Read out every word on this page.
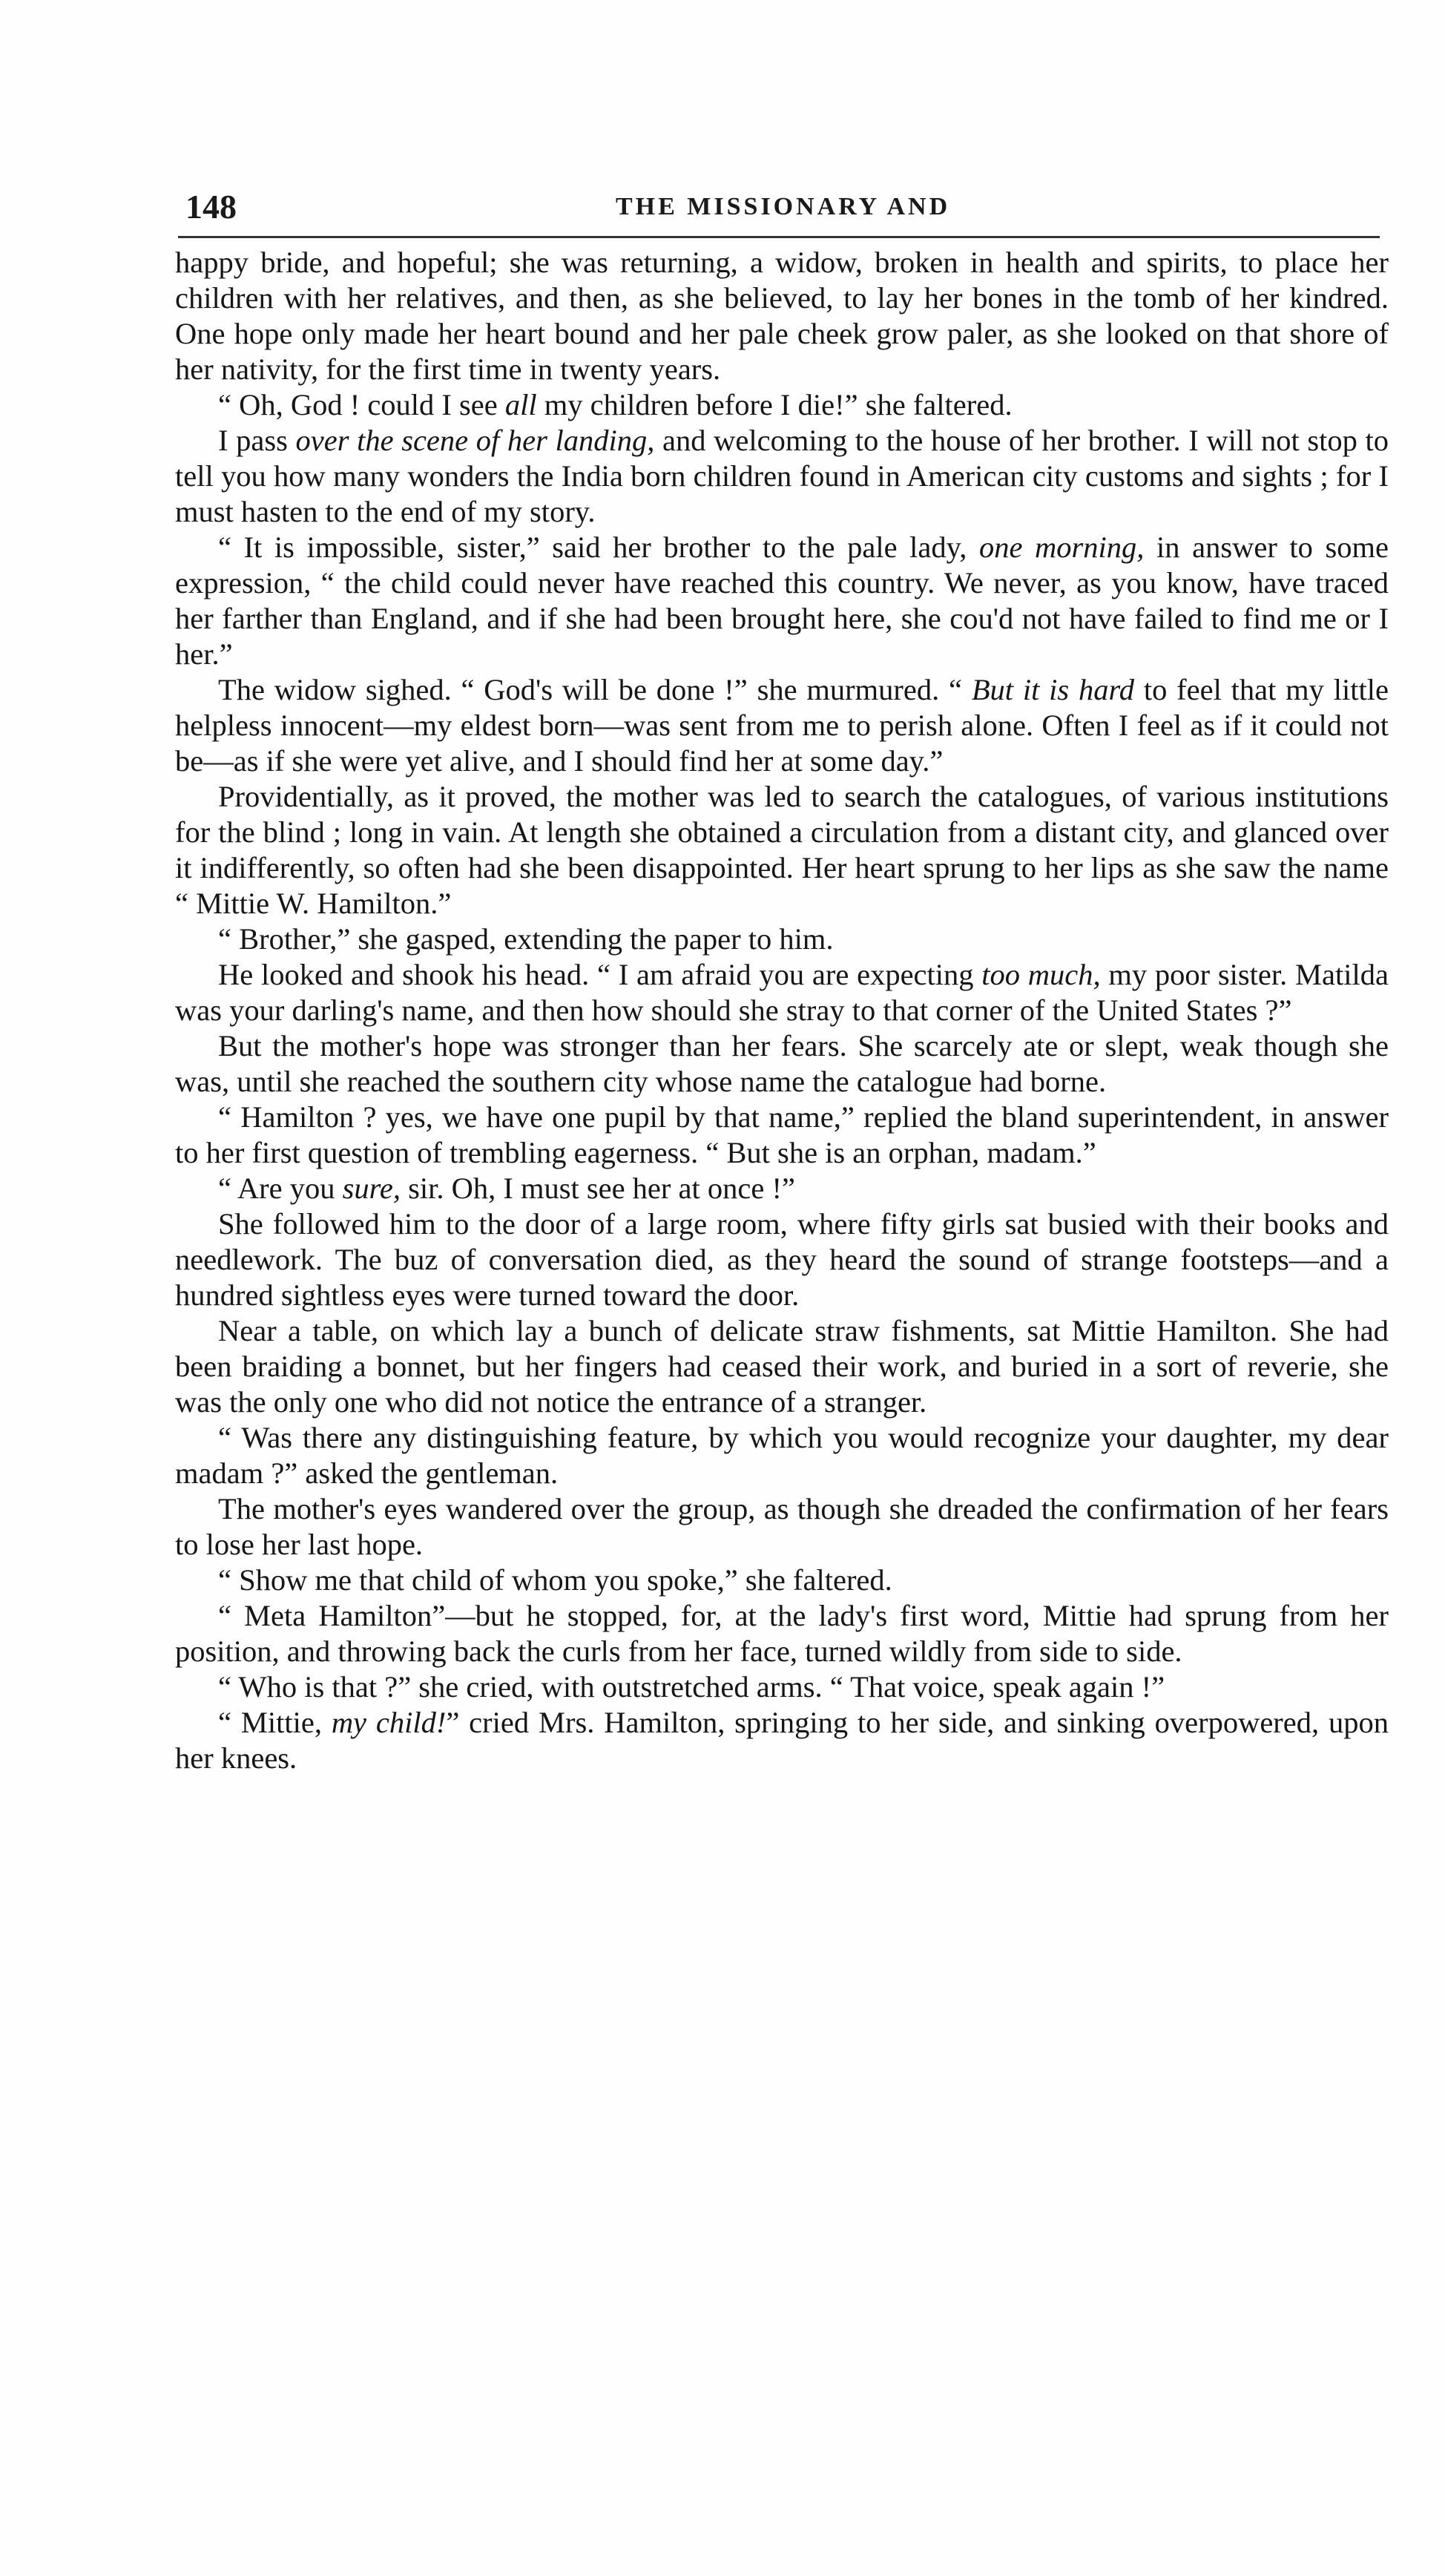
148	THE MISSIONARY AND

happy bride, and hopeful; she was returning, a widow, broken in health and spirits, to place her children with her relatives, and then, as she believed, to lay her bones in the tomb of her kindred. One hope only made her heart bound and her pale cheek grow paler, as she looked on that shore of her nativity, for the first time in twenty years.

“ Oh, God ! could I see all my children before I die!” she faltered.

I pass over the scene of her landing, and welcoming to the house of her brother. I will not stop to tell you how many wonders the India born children found in American city customs and sights ; for I must hasten to the end of my story.

“ It is impossible, sister,” said her brother to the pale lady, one morning, in answer to some expression, “ the child could never have reached this country. We never, as you know, have traced her farther than England, and if she had been brought here, she cou'd not have failed to find me or I her.”

The widow sighed. “ God's will be done !” she murmured. “ But it is hard to feel that my little helpless innocent—my eldest born—was sent from me to perish alone. Often I feel as if it could not be—as if she were yet alive, and I should find her at some day.”

Providentially, as it proved, the mother was led to search the catalogues, of various institutions for the blind ; long in vain. At length she obtained a circulation from a distant city, and glanced over it indifferently, so often had she been disappointed. Her heart sprung to her lips as she saw the name “ Mittie W. Hamilton.”

“ Brother,” she gasped, extending the paper to him.

He looked and shook his head. “ I am afraid you are expecting too much, my poor sister. Matilda was your darling's name, and then how should she stray to that corner of the United States ?”

But the mother's hope was stronger than her fears. She scarcely ate or slept, weak though she was, until she reached the southern city whose name the catalogue had borne.

“ Hamilton ? yes, we have one pupil by that name,” replied the bland superintendent, in answer to her first question of trembling eagerness. “ But she is an orphan, madam.”

“ Are you sure, sir. Oh, I must see her at once !”

She followed him to the door of a large room, where fifty girls sat busied with their books and needlework. The buz of conversation died, as they heard the sound of strange footsteps—and a hundred sightless eyes were turned toward the door.

Near a table, on which lay a bunch of delicate straw fishments, sat Mittie Hamilton. She had been braiding a bonnet, but her fingers had ceased their work, and buried in a sort of reverie, she was the only one who did not notice the entrance of a stranger.

“ Was there any distinguishing feature, by which you would recognize your daughter, my dear madam ?” asked the gentleman.

The mother's eyes wandered over the group, as though she dreaded the confirmation of her fears to lose her last hope.

“ Show me that child of whom you spoke,” she faltered.

“ Meta Hamilton”—but he stopped, for, at the lady's first word, Mittie had sprung from her position, and throwing back the curls from her face, turned wildly from side to side.

“ Who is that ?” she cried, with outstretched arms. “ That voice, speak again !”

“ Mittie, my child!” cried Mrs. Hamilton, springing to her side, and sinking overpowered, upon her knees.
